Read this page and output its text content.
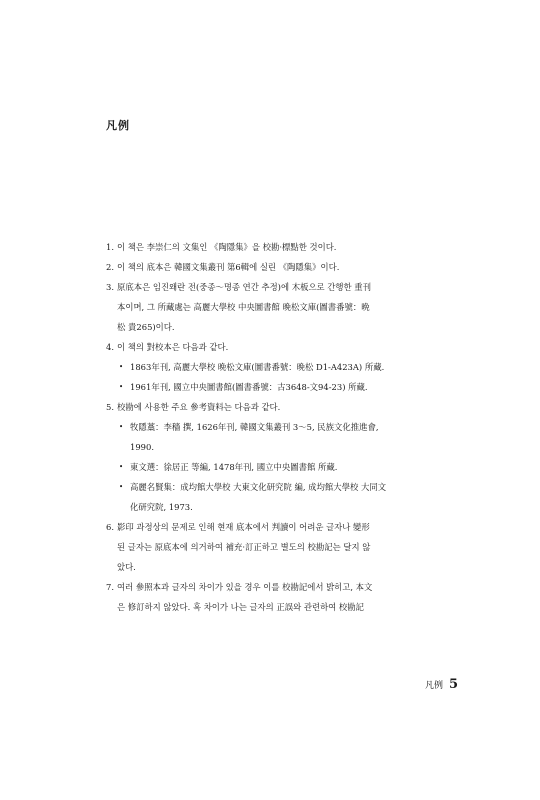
凡例
1. 이 책은 李崇仁의 文集인 《陶隱集》을 校勘·標點한 것이다.
2. 이 책의 底本은 韓國文集叢刊 第6輯에 실린 《陶隱集》이다.
3. 原底本은 임진왜란 전(중종～명종 연간 추정)에 木板으로 간행한 重刊
本이며, 그 所藏處는 高麗大學校 中央圖書館 晩松文庫(圖書番號：晩
松 貴265)이다.
4. 이 책의 對校本은 다음과 같다.
• 1863年刊, 高麗大學校 晩松文庫(圖書番號：晩松 D1-A423A) 所藏.
• 1961年刊, 國立中央圖書館(圖書番號：古3648-文94-23) 所藏.
5. 校勘에 사용한 주요 參考資料는 다음과 같다.
• 牧隱藁：李穡 撰, 1626年刊, 韓國文集叢刊 3～5, 民族文化推進會,
1990.
• 東文選：徐居正 等編, 1478年刊, 國立中央圖書館 所藏.
• 高麗名賢集：成均館大學校 大東文化研究院 編, 成均館大學校 大同文
化研究院, 1973.
6. 影印 과정상의 문제로 인해 현재 底本에서 判讀이 어려운 글자나 變形
된 글자는 原底本에 의거하여 補充·訂正하고 별도의 校勘記는 달지 않
았다.
7. 여러 參照本과 글자의 차이가 있을 경우 이를 校勘記에서 밝히고, 本文
은 修訂하지 않았다. 혹 차이가 나는 글자의 正誤와 관련하여 校勘記
凡例 5
